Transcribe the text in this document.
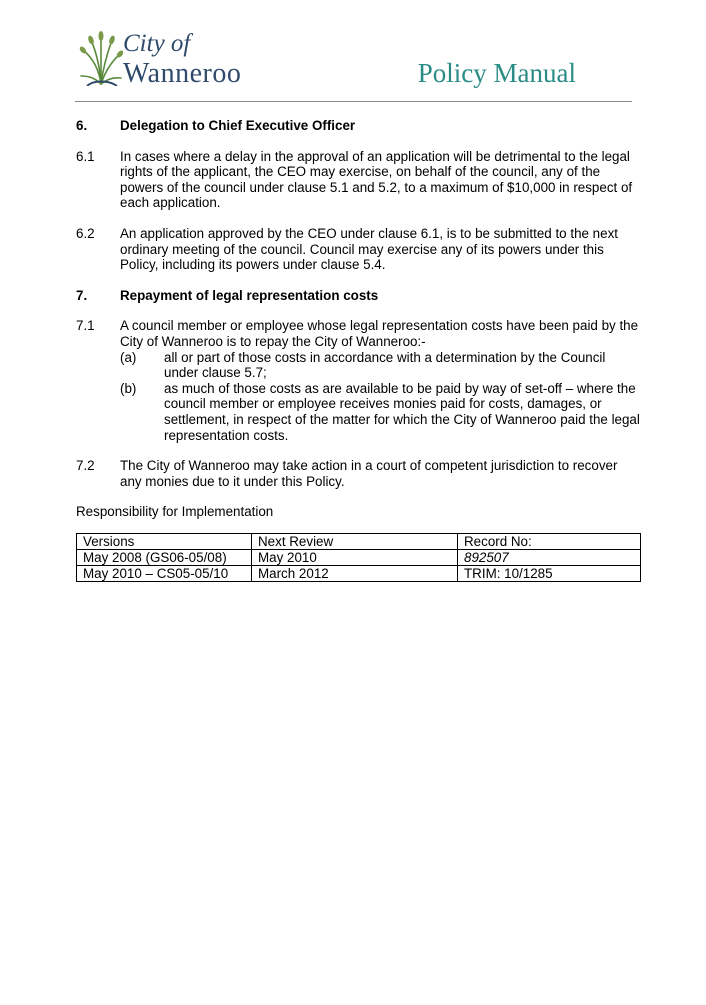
City of
Wanneroo	Policy Manual
6.	Delegation to Chief Executive Officer
6.1	In cases where a delay in the approval of an application will be detrimental to the legal rights of the applicant, the CEO may exercise, on behalf of the council, any of the powers of the council under clause 5.1 and 5.2, to a maximum of $10,000 in respect of each application.
6.2	An application approved by the CEO under clause 6.1, is to be submitted to the next ordinary meeting of the council. Council may exercise any of its powers under this Policy, including its powers under clause 5.4.
7.	Repayment of legal representation costs
7.1	A council member or employee whose legal representation costs have been paid by the City of Wanneroo is to repay the City of Wanneroo:-
(a)	all or part of those costs in accordance with a determination by the Council under clause 5.7;
(b)	as much of those costs as are available to be paid by way of set-off – where the council member or employee receives monies paid for costs, damages, or settlement, in respect of the matter for which the City of Wanneroo paid the legal representation costs.
7.2	The City of Wanneroo may take action in a court of competent jurisdiction to recover any monies due to it under this Policy.
Responsibility for Implementation
Versions	Next Review	Record No:
May 2008 (GS06-05/08)	May 2010	892507
May 2010 – CS05-05/10	March 2012	TRIM: 10/1285
